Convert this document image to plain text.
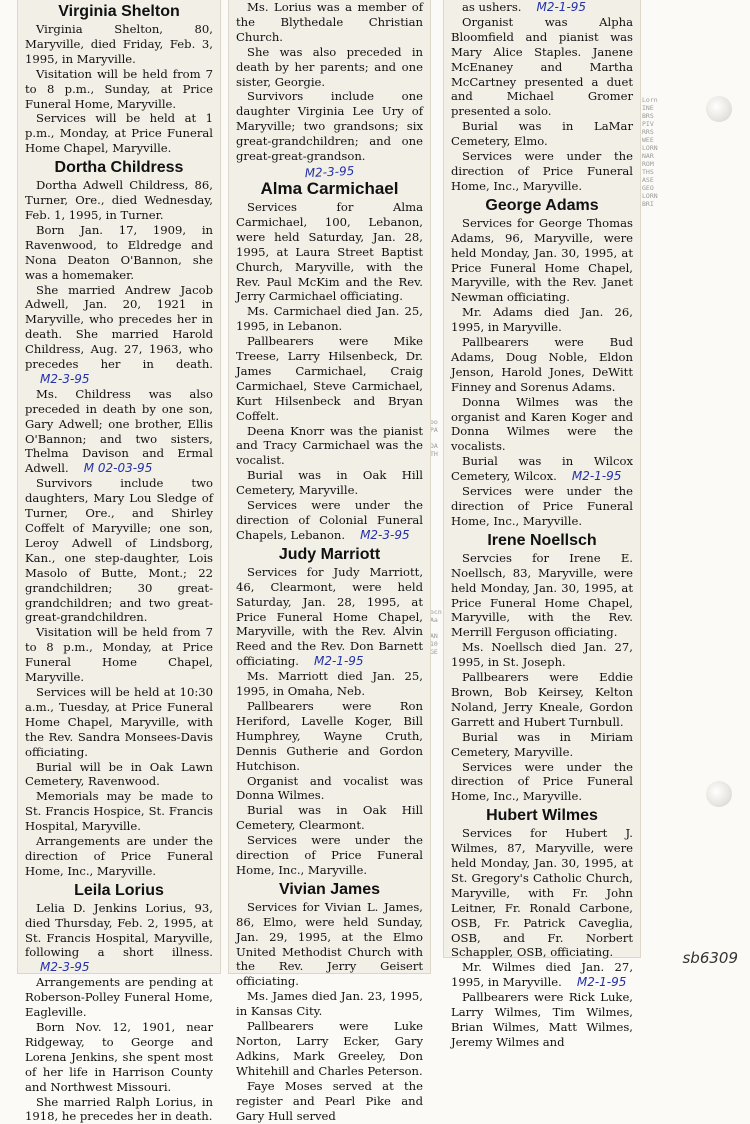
Lorn
INE
BRS
PIV
RRS
WEE
LORN
NAR
ROM
THS
ASE
GEO
LORN
BRI
oo
PA

DA
TH
ocn
Aa

AN
10
GE
Virginia Shelton

Virginia Shelton, 80, Maryville, died Friday, Feb. 3, 1995, in Maryville.

Visitation will be held from 7 to 8 p.m., Sunday, at Price Funeral Home, Maryville.

Services will be held at 1 p.m., Monday, at Price Funeral Home Chapel, Maryville.

Dortha Childress

Dortha Adwell Childress, 86, Turner, Ore., died Wednesday, Feb. 1, 1995, in Turner.

Born Jan. 17, 1909, in Ravenwood, to Eldredge and Nona Deaton O'Bannon, she was a homemaker.

She married Andrew Jacob Adwell, Jan. 20, 1921 in Maryville, who precedes her in death. She married Harold Childress, Aug. 27, 1963, who precedes her in death.M2-3-95

Ms. Childress was also preceded in death by one son, Gary Adwell; one brother, Ellis O'Bannon; and two sisters, Thelma Davison and Ermal Adwell. M 02-03-95

Survivors include two daughters, Mary Lou Sledge of Turner, Ore., and Shirley Coffelt of Maryville; one son, Leroy Adwell of Lindsborg, Kan., one step-daughter, Lois Masolo of Butte, Mont.; 22 grandchildren; 30 great-grandchildren; and two great-great-grandchildren.

Visitation will be held from 7 to 8 p.m., Monday, at Price Funeral Home Chapel, Maryville.

Services will be held at 10:30 a.m., Tuesday, at Price Funeral Home Chapel, Maryville, with the Rev. Sandra Monsees-Davis officiating.

Burial will be in Oak Lawn Cemetery, Ravenwood.

Memorials may be made to St. Francis Hospice, St. Francis Hospital, Maryville.

Arrangements are under the direction of Price Funeral Home, Inc., Maryville.

Leila Lorius

Lelia D. Jenkins Lorius, 93, died Thursday, Feb. 2, 1995, at St. Francis Hospital, Maryville, following a short illness.M2-3-95

Arrangements are pending at Roberson-Polley Funeral Home, Eagleville.

Born Nov. 12, 1901, near Ridgeway, to George and Lorena Jenkins, she spent most of her life in Harrison County and Northwest Missouri.

She married Ralph Lorius, in 1918, he precedes her in death.

Ms. Lorius was a member of the Blythedale Christian Church.

She was also preceded in death by her parents; and one sister, Georgie.

Survivors include one daughter Virginia Lee Ury of Maryville; two grandsons; six great-grandchildren; and one great-great-grandson.

M2-3-95
Alma Carmichael

Services for Alma Carmichael, 100, Lebanon, were held Saturday, Jan. 28, 1995, at Laura Street Baptist Church, Maryville, with the Rev. Paul McKim and the Rev. Jerry Carmichael officiating.

Ms. Carmichael died Jan. 25, 1995, in Lebanon.

Pallbearers were Mike Treese, Larry Hilsenbeck, Dr. James Carmichael, Craig Carmichael, Steve Carmichael, Kurt Hilsenbeck and Bryan Coffelt.

Deena Knorr was the pianist and Tracy Carmichael was the vocalist.

Burial was in Oak Hill Cemetery, Maryville.

Services were under the direction of Colonial Funeral Chapels, Lebanon. M2-3-95

Judy Marriott

Services for Judy Marriott, 46, Clearmont, were held Saturday, Jan. 28, 1995, at Price Funeral Home Chapel, Maryville, with the Rev. Alvin Reed and the Rev. Don Barnett officiating. M2-1-95

Ms. Marriott died Jan. 25, 1995, in Omaha, Neb.

Pallbearers were Ron Heriford, Lavelle Koger, Bill Humphrey, Wayne Cruth, Dennis Gutherie and Gordon Hutchison.

Organist and vocalist was Donna Wilmes.

Burial was in Oak Hill Cemetery, Clearmont.

Services were under the direction of Price Funeral Home, Inc., Maryville.

Vivian James

Services for Vivian L. James, 86, Elmo, were held Sunday, Jan. 29, 1995, at the Elmo United Methodist Church with the Rev. Jerry Geisert officiating.

Ms. James died Jan. 23, 1995, in Kansas City.

Pallbearers were Luke Norton, Larry Ecker, Gary Adkins, Mark Greeley, Don Whitehill and Charles Peterson.

Faye Moses served at the register and Pearl Pike and Gary Hull served

as ushers. M2-1-95

Organist was Alpha Bloomfield and pianist was Mary Alice Staples. Janene McEnaney and Martha McCartney presented a duet and Michael Gromer presented a solo.

Burial was in LaMar Cemetery, Elmo.

Services were under the direction of Price Funeral Home, Inc., Maryville.

George Adams

Services for George Thomas Adams, 96, Maryville, were held Monday, Jan. 30, 1995, at Price Funeral Home Chapel, Maryville, with the Rev. Janet Newman officiating.

Mr. Adams died Jan. 26, 1995, in Maryville.

Pallbearers were Bud Adams, Doug Noble, Eldon Jenson, Harold Jones, DeWitt Finney and Sorenus Adams.

Donna Wilmes was the organist and Karen Koger and Donna Wilmes were the vocalists.

Burial was in Wilcox Cemetery, Wilcox. M2-1-95

Services were under the direction of Price Funeral Home, Inc., Maryville.

Irene Noellsch

Servcies for Irene E. Noellsch, 83, Maryville, were held Monday, Jan. 30, 1995, at Price Funeral Home Chapel, Maryville, with the Rev. Merrill Ferguson officiating.

Ms. Noellsch died Jan. 27, 1995, in St. Joseph.

Pallbearers were Eddie Brown, Bob Keirsey, Kelton Noland, Jerry Kneale, Gordon Garrett and Hubert Turnbull.

Burial was in Miriam Cemetery, Maryville.

Services were under the direction of Price Funeral Home, Inc., Maryville.

Hubert Wilmes

Services for Hubert J. Wilmes, 87, Maryville, were held Monday, Jan. 30, 1995, at St. Gregory's Catholic Church, Maryville, with Fr. John Leitner, Fr. Ronald Carbone, OSB, Fr. Patrick Caveglia, OSB, and Fr. Norbert Schappler, OSB, officiating.

Mr. Wilmes died Jan. 27, 1995, in Maryville. M2-1-95

Pallbearers were Rick Luke, Larry Wilmes, Tim Wilmes, Brian Wilmes, Matt Wilmes, Jeremy Wilmes and

sb6309
